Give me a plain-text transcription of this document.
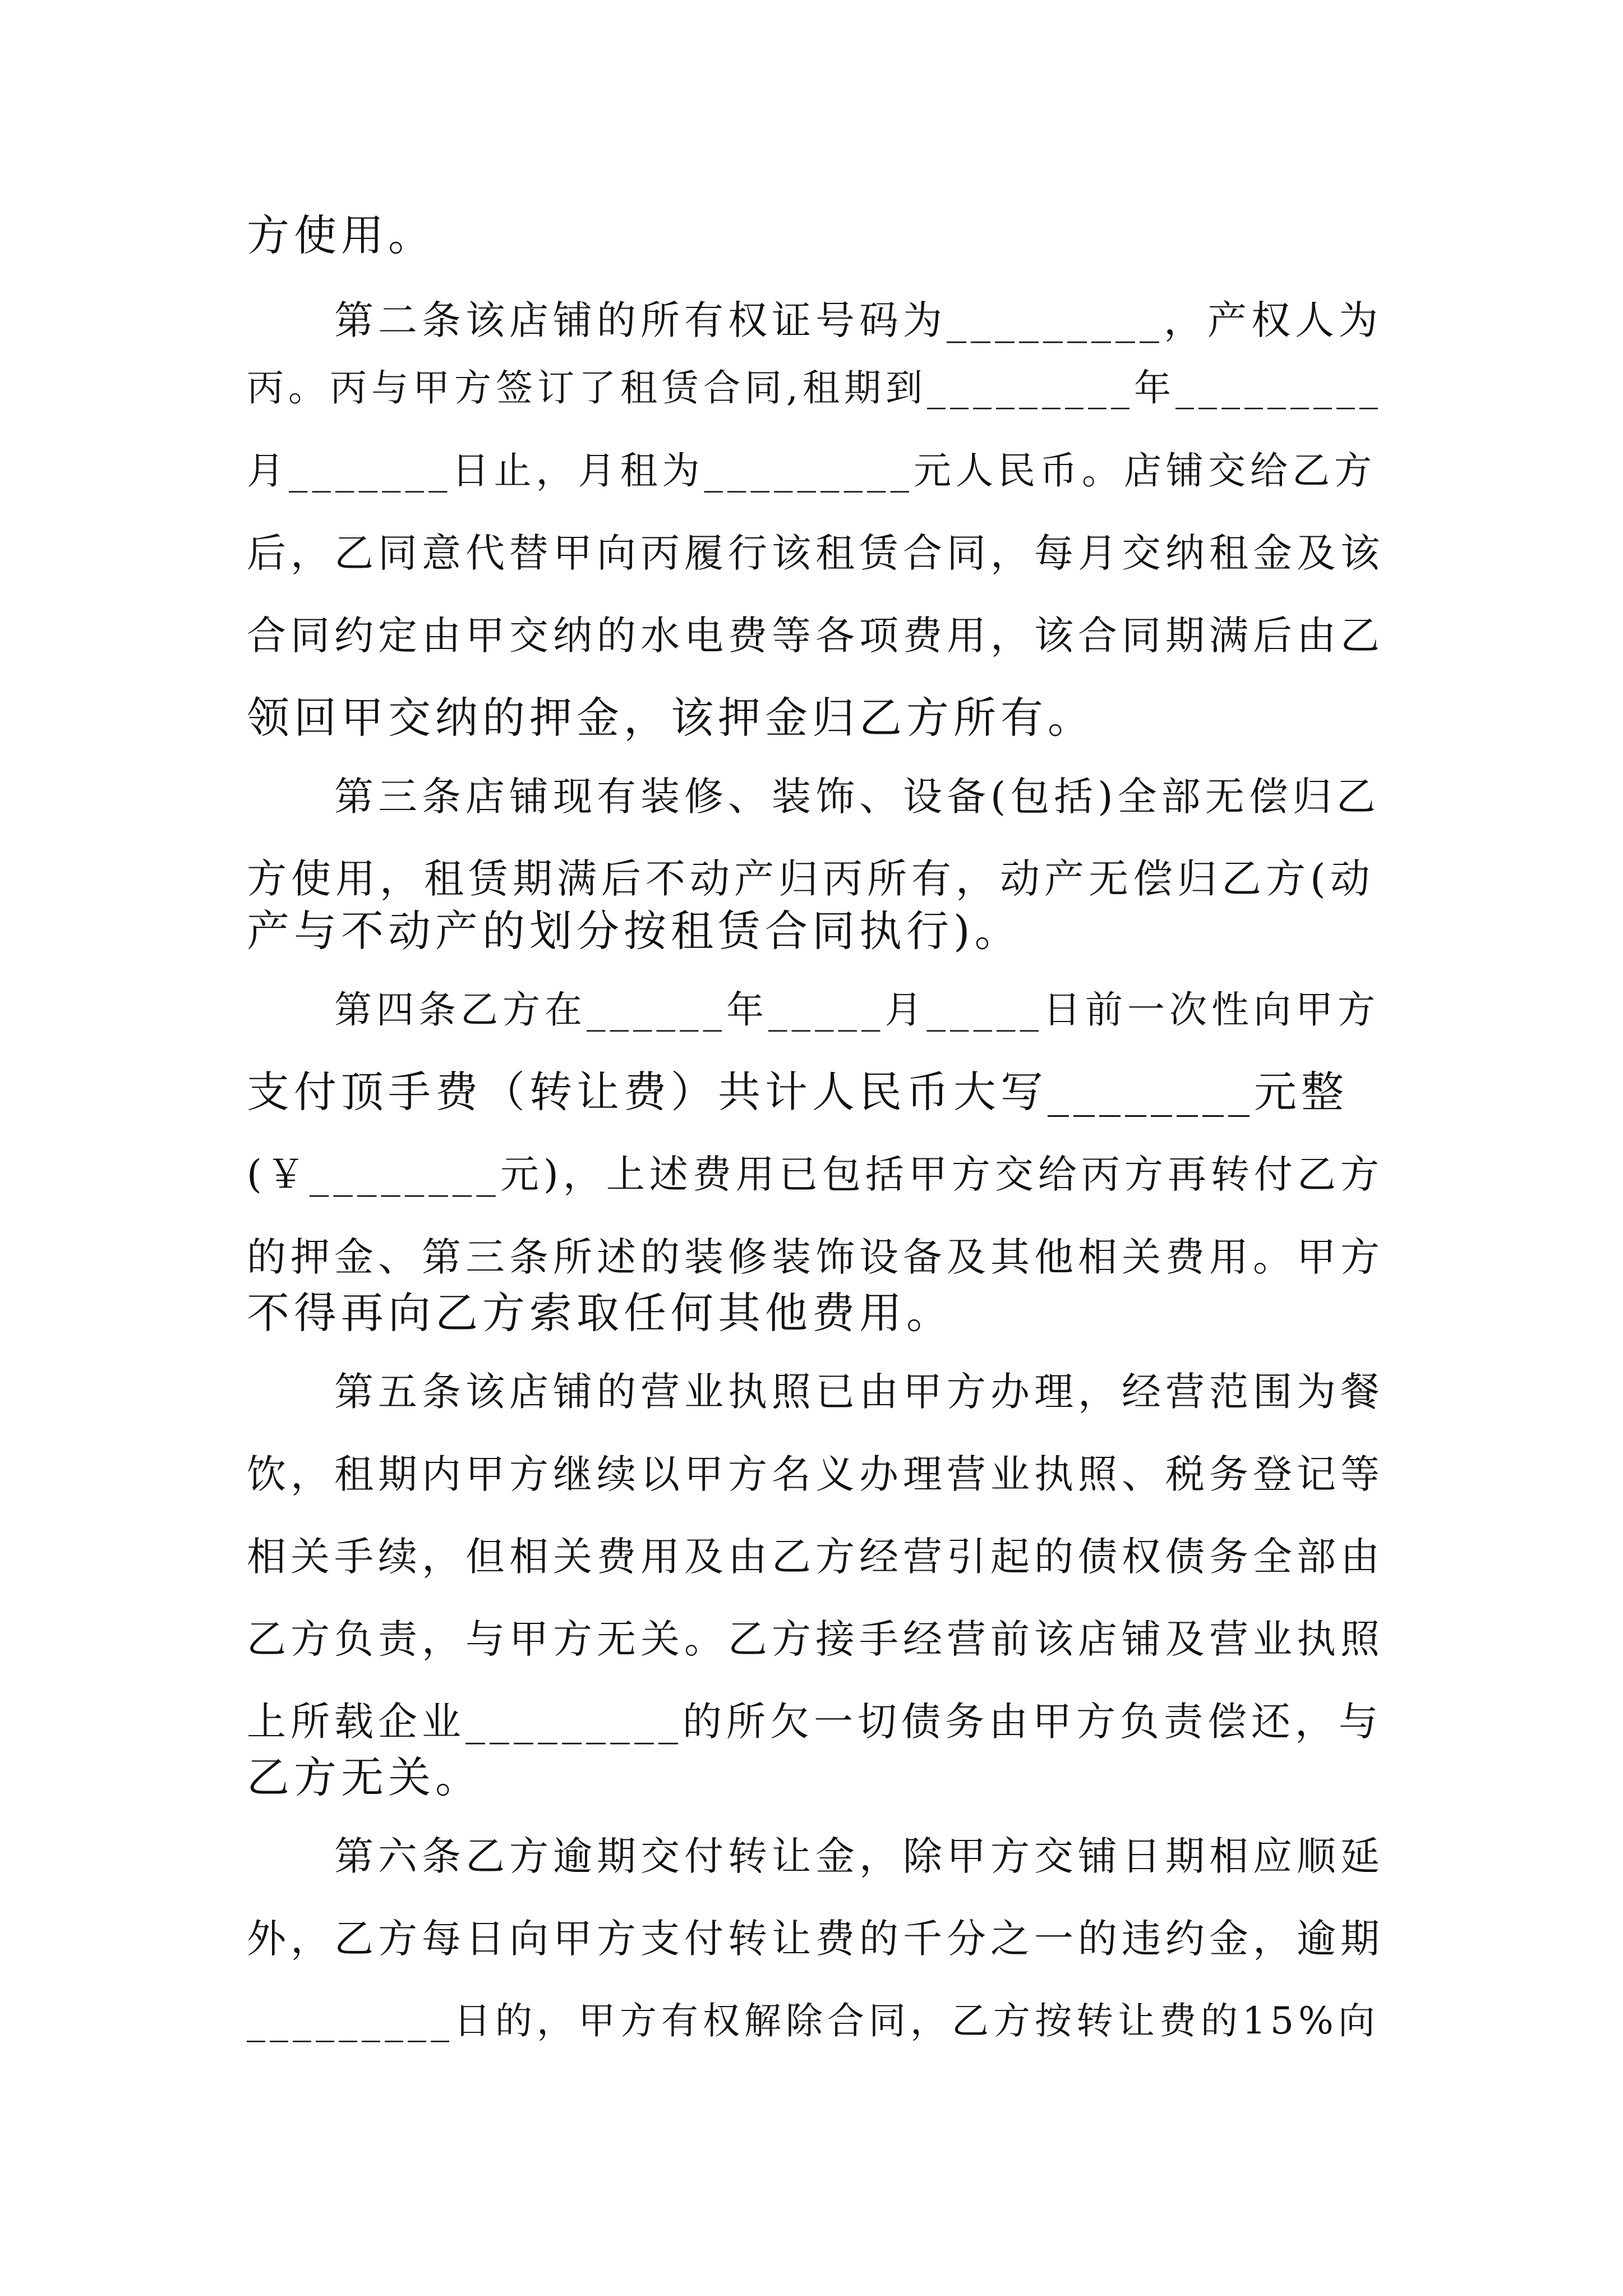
方使用。
第二条该店铺的所有权证号码为_________，产权人为
丙。丙与甲方签订了租赁合同,租期到_________年_________
月_______日止，月租为_________元人民币。店铺交给乙方
后，乙同意代替甲向丙履行该租赁合同，每月交纳租金及该
合同约定由甲交纳的水电费等各项费用，该合同期满后由乙
领回甲交纳的押金，该押金归乙方所有。
第三条店铺现有装修、装饰、设备(包括)全部无偿归乙
方使用，租赁期满后不动产归丙所有，动产无偿归乙方(动
产与不动产的划分按租赁合同执行)。
第四条乙方在______年_____月_____日前一次性向甲方
支付顶手费（转让费）共计人民币大写________元整
(￥________元)，上述费用已包括甲方交给丙方再转付乙方
的押金、第三条所述的装修装饰设备及其他相关费用。甲方
不得再向乙方索取任何其他费用。
第五条该店铺的营业执照已由甲方办理，经营范围为餐
饮，租期内甲方继续以甲方名义办理营业执照、税务登记等
相关手续，但相关费用及由乙方经营引起的债权债务全部由
乙方负责，与甲方无关。乙方接手经营前该店铺及营业执照
上所载企业_________的所欠一切债务由甲方负责偿还，与
乙方无关。
第六条乙方逾期交付转让金，除甲方交铺日期相应顺延
外，乙方每日向甲方支付转让费的千分之一的违约金，逾期
_________日的，甲方有权解除合同，乙方按转让费的15%向
